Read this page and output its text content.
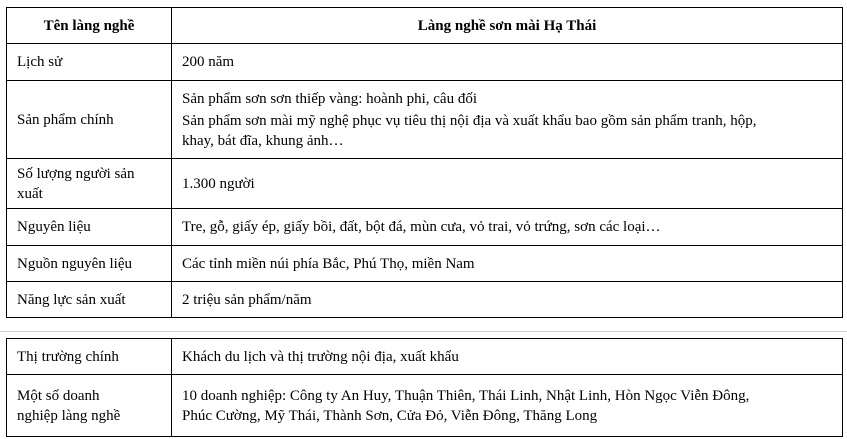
Tên làng nghề	Làng nghề sơn mài Hạ Thái
Lịch sử	200 năm

Sản phẩm chính	Sản phẩm sơn sơn thiếp vàng: hoành phi, câu đối
Sản phẩm sơn mài mỹ nghệ phục vụ tiêu thị nội địa và xuất khẩu bao gồm sản phẩm tranh, hộp,
khay, bát đĩa, khung ảnh…

Số lượng người sản
xuất	1.300 người

Nguyên liệu	Tre, gỗ, giấy ép, giấy bồi, đất, bột đá, mùn cưa, vỏ trai, vỏ trứng, sơn các loại…

Nguồn nguyên liệu	Các tỉnh miền núi phía Bắc, Phú Thọ, miền Nam

Năng lực sản xuất	2 triệu sản phẩm/năm
Thị trường chính	Khách du lịch và thị trường nội địa, xuất khẩu

Một số doanh
nghiệp làng nghề	10 doanh nghiệp: Công ty An Huy, Thuận Thiên, Thái Linh, Nhật Linh, Hòn Ngọc Viễn Đông,
Phúc Cường, Mỹ Thái, Thành Sơn, Cửa Đỏ, Viễn Đông, Thăng Long
